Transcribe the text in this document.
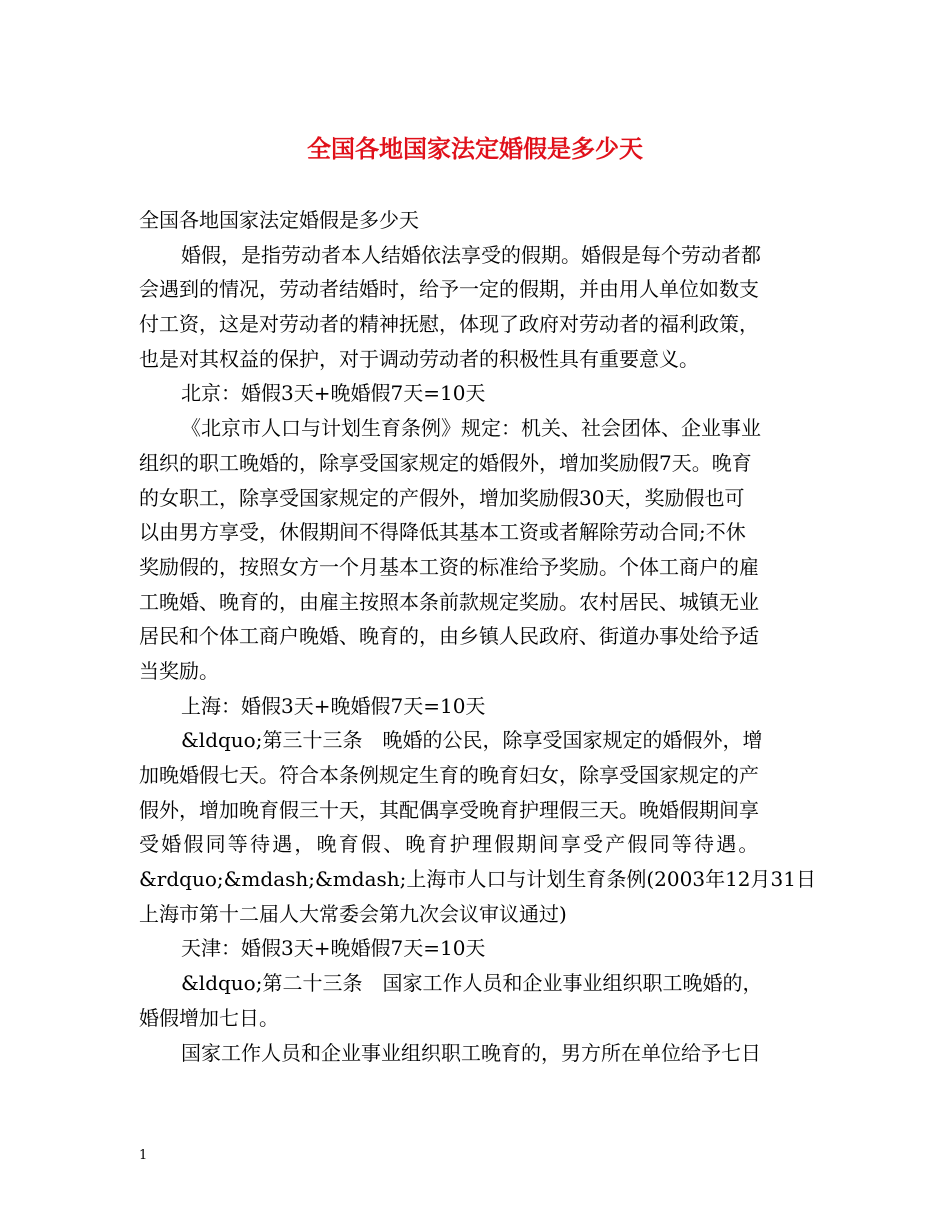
全国各地国家法定婚假是多少天
全国各地国家法定婚假是多少天
婚假，是指劳动者本人结婚依法享受的假期。婚假是每个劳动者都
会遇到的情况，劳动者结婚时，给予一定的假期，并由用人单位如数支
付工资，这是对劳动者的精神抚慰，体现了政府对劳动者的福利政策，
也是对其权益的保护，对于调动劳动者的积极性具有重要意义。
北京：婚假3天+晚婚假7天=10天
《北京市人口与计划生育条例》规定：机关、社会团体、企业事业
组织的职工晚婚的，除享受国家规定的婚假外，增加奖励假7天。晚育
的女职工，除享受国家规定的产假外，增加奖励假30天，奖励假也可
以由男方享受，休假期间不得降低其基本工资或者解除劳动合同;不休
奖励假的，按照女方一个月基本工资的标准给予奖励。个体工商户的雇
工晚婚、晚育的，由雇主按照本条前款规定奖励。农村居民、城镇无业
居民和个体工商户晚婚、晚育的，由乡镇人民政府、街道办事处给予适
当奖励。
上海：婚假3天+晚婚假7天=10天
&ldquo;第三十三条　晚婚的公民，除享受国家规定的婚假外，增
加晚婚假七天。符合本条例规定生育的晚育妇女，除享受国家规定的产
假外，增加晚育假三十天，其配偶享受晚育护理假三天。晚婚假期间享
受婚假同等待遇，晚育假、晚育护理假期间享受产假同等待遇。
&rdquo;&mdash;&mdash;上海市人口与计划生育条例(2003年12月31日
上海市第十二届人大常委会第九次会议审议通过)
天津：婚假3天+晚婚假7天=10天
&ldquo;第二十三条　国家工作人员和企业事业组织职工晚婚的，
婚假增加七日。
国家工作人员和企业事业组织职工晚育的，男方所在单位给予七日
1
